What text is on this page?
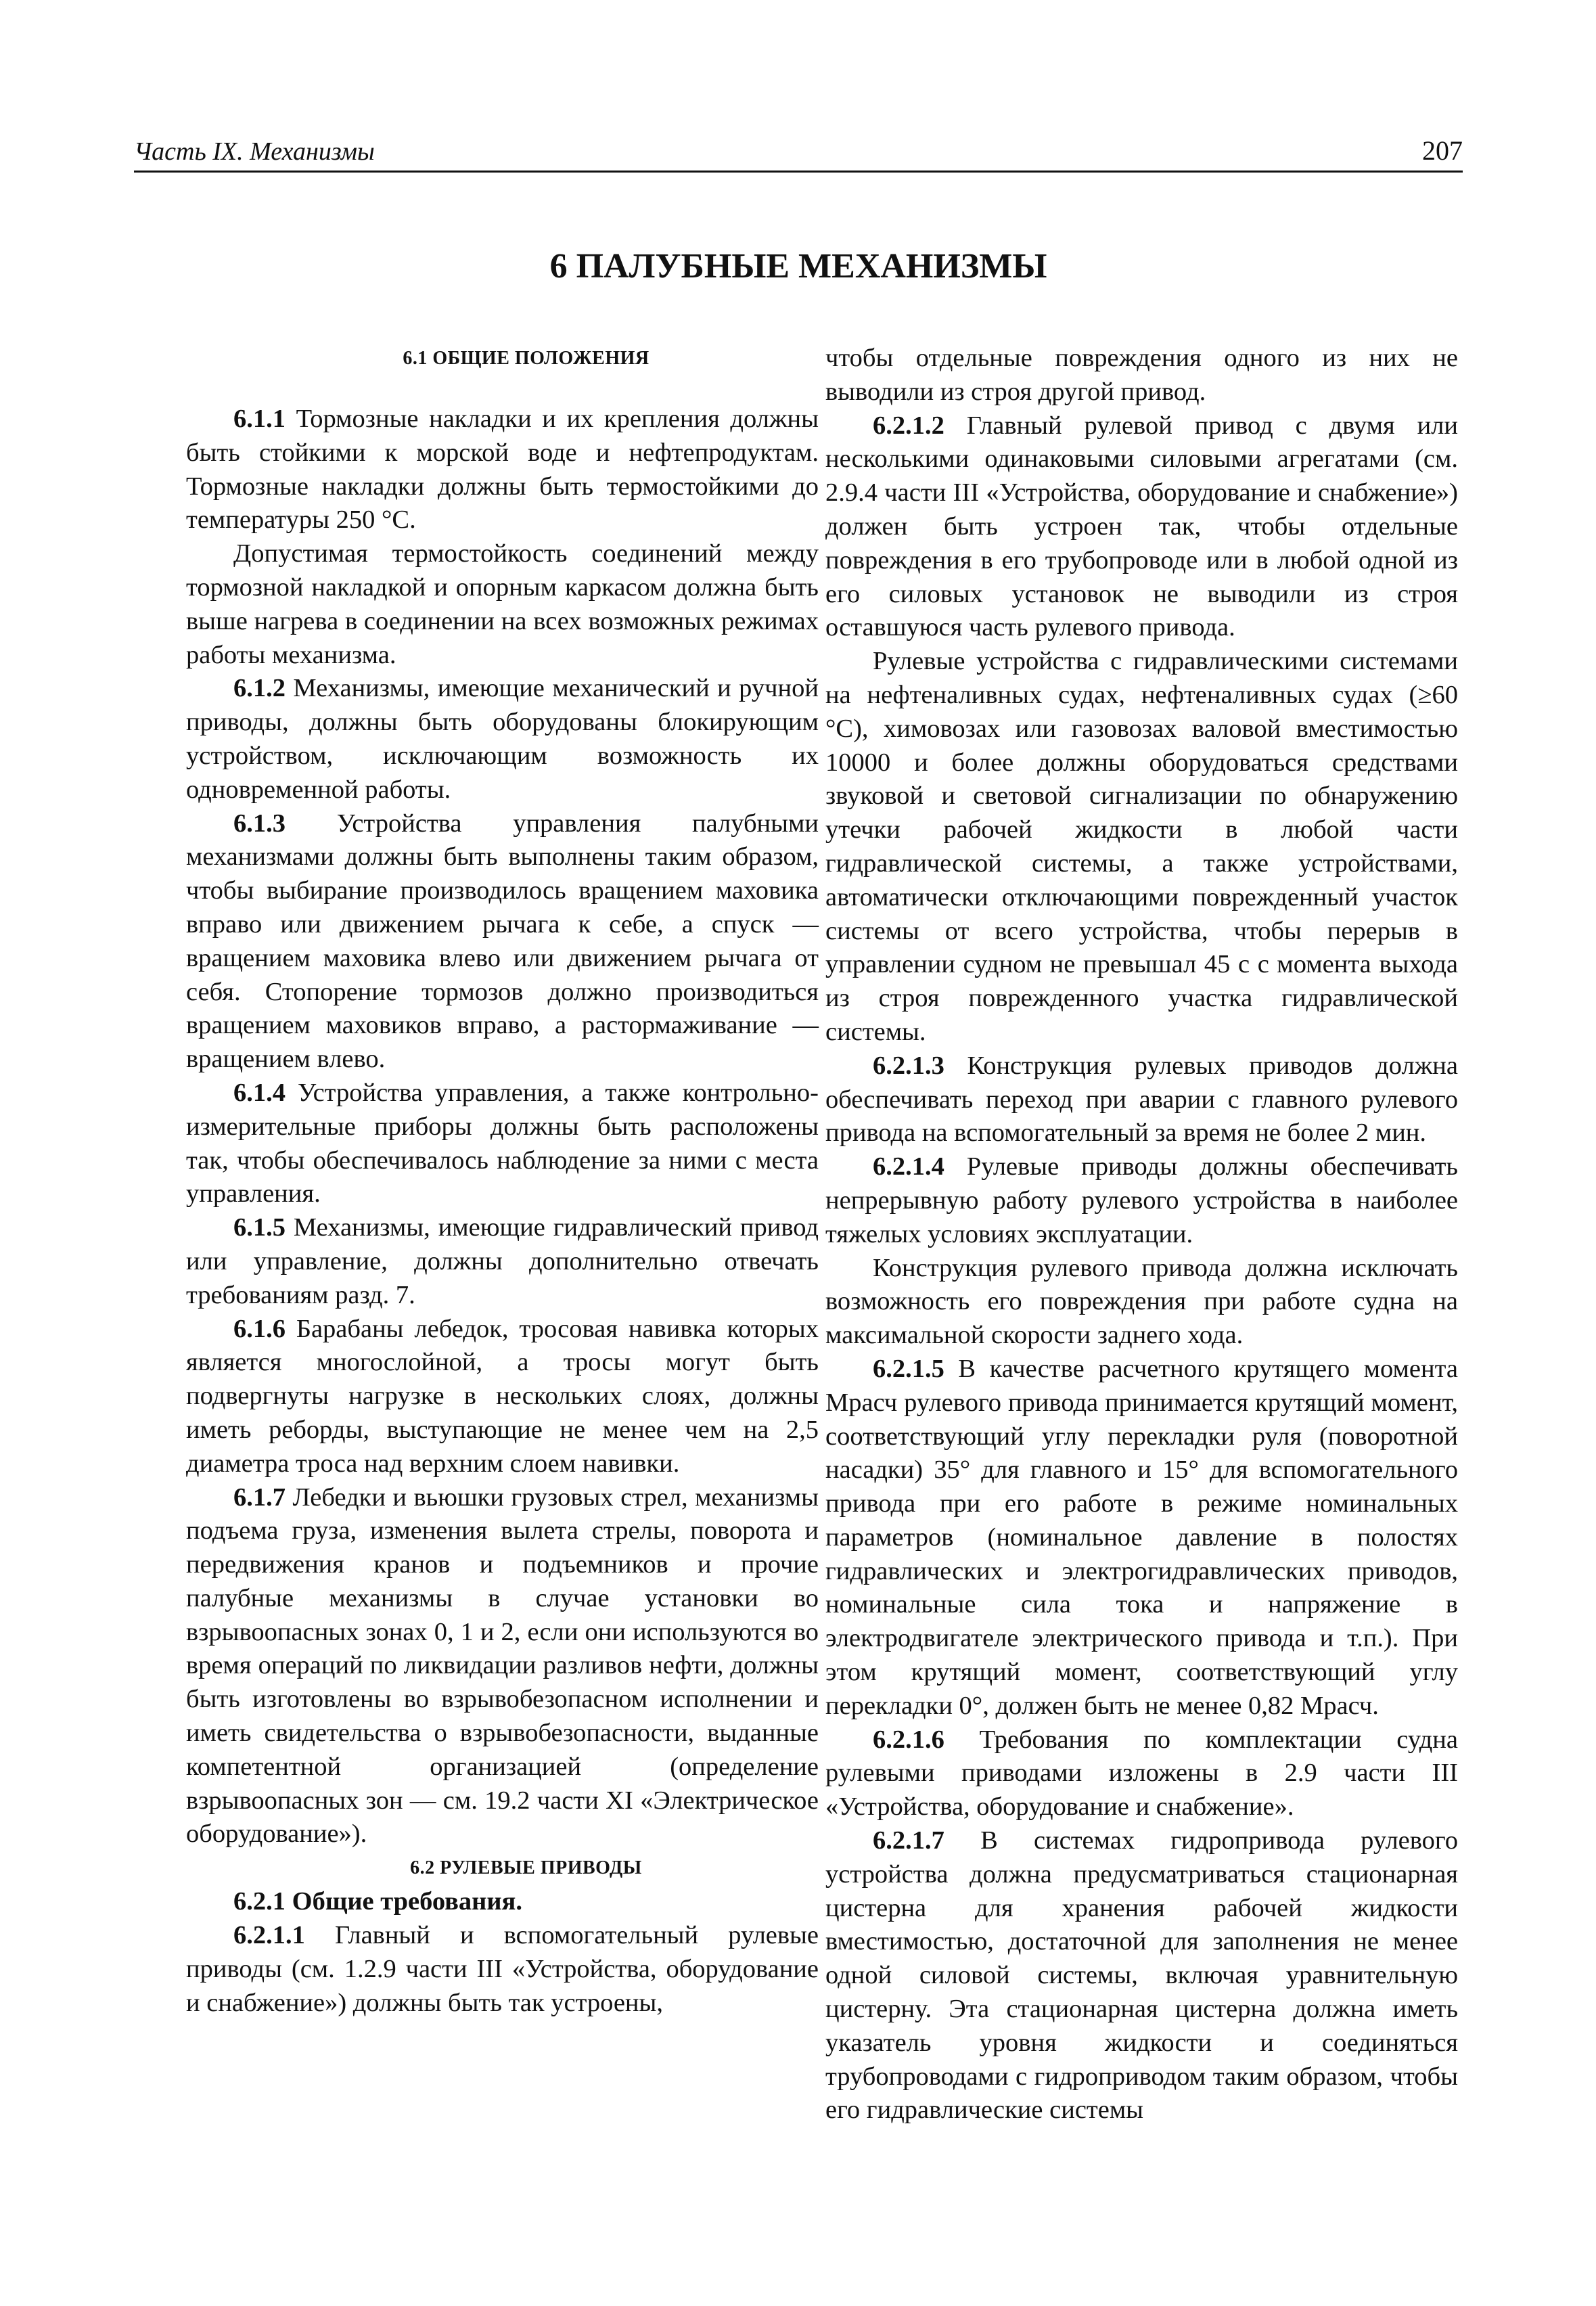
Часть IX. Механизмы	207
6 ПАЛУБНЫЕ МЕХАНИЗМЫ

6.1 ОБЩИЕ ПОЛОЖЕНИЯ

6.1.1 Тормозные накладки и их крепления должны быть стойкими к морской воде и нефтепродуктам. Тормозные накладки должны быть термостойкими до температуры 250 °С.

Допустимая термостойкость соединений между тормозной накладкой и опорным каркасом должна быть выше нагрева в соединении на всех возможных режимах работы механизма.

6.1.2 Механизмы, имеющие механический и ручной приводы, должны быть оборудованы блокирующим устройством, исключающим возможность их одновременной работы.

6.1.3 Устройства управления палубными механизмами должны быть выполнены таким образом, чтобы выбирание производилось вращением маховика вправо или движением рычага к себе, а спуск — вращением маховика влево или движением рычага от себя. Стопорение тормозов должно производиться вращением маховиков вправо, а растормаживание — вращением влево.

6.1.4 Устройства управления, а также контрольно-измерительные приборы должны быть расположены так, чтобы обеспечивалось наблюдение за ними с места управления.

6.1.5 Механизмы, имеющие гидравлический привод или управление, должны дополнительно отвечать требованиям разд. 7.

6.1.6 Барабаны лебедок, тросовая навивка которых является многослойной, а тросы могут быть подвергнуты нагрузке в нескольких слоях, должны иметь реборды, выступающие не менее чем на 2,5 диаметра троса над верхним слоем навивки.

6.1.7 Лебедки и вьюшки грузовых стрел, механизмы подъема груза, изменения вылета стрелы, поворота и передвижения кранов и подъемников и прочие палубные механизмы в случае установки во взрывоопасных зонах 0, 1 и 2, если они используются во время операций по ликвидации разливов нефти, должны быть изготовлены во взрывобезопасном исполнении и иметь свидетельства о взрывобезопасности, выданные компетентной организацией (определение взрывоопасных зон — см. 19.2 части XI «Электрическое оборудование»).

6.2 РУЛЕВЫЕ ПРИВОДЫ

6.2.1 Общие требования.

6.2.1.1 Главный и вспомогательный рулевые приводы (см. 1.2.9 части III «Устройства, оборудование и снабжение») должны быть так устроены,

чтобы отдельные повреждения одного из них не выводили из строя другой привод.

6.2.1.2 Главный рулевой привод с двумя или несколькими одинаковыми силовыми агрегатами (см. 2.9.4 части III «Устройства, оборудование и снабжение») должен быть устроен так, чтобы отдельные повреждения в его трубопроводе или в любой одной из его силовых установок не выводили из строя оставшуюся часть рулевого привода.

Рулевые устройства с гидравлическими системами на нефтеналивных судах, нефтеналивных судах (≥60 °С), химовозах или газовозах валовой вместимостью 10000 и более должны оборудоваться средствами звуковой и световой сигнализации по обнаружению утечки рабочей жидкости в любой части гидравлической системы, а также устройствами, автоматически отключающими поврежденный участок системы от всего устройства, чтобы перерыв в управлении судном не превышал 45 с с момента выхода из строя поврежденного участка гидравлической системы.

6.2.1.3 Конструкция рулевых приводов должна обеспечивать переход при аварии с главного рулевого привода на вспомогательный за время не более 2 мин.

6.2.1.4 Рулевые приводы должны обеспечивать непрерывную работу рулевого устройства в наиболее тяжелых условиях эксплуатации.

Конструкция рулевого привода должна исключать возможность его повреждения при работе судна на максимальной скорости заднего хода.

6.2.1.5 В качестве расчетного крутящего момента Mрасч рулевого привода принимается крутящий момент, соответствующий углу перекладки руля (поворотной насадки) 35° для главного и 15° для вспомогательного привода при его работе в режиме номинальных параметров (номинальное давление в полостях гидравлических и электрогидравлических приводов, номинальные сила тока и напряжение в электродвигателе электрического привода и т.п.). При этом крутящий момент, соответствующий углу перекладки 0°, должен быть не менее 0,82 Mрасч.

6.2.1.6 Требования по комплектации судна рулевыми приводами изложены в 2.9 части III «Устройства, оборудование и снабжение».

6.2.1.7 В системах гидропривода рулевого устройства должна предусматриваться стационарная цистерна для хранения рабочей жидкости вместимостью, достаточной для заполнения не менее одной силовой системы, включая уравнительную цистерну. Эта стационарная цистерна должна иметь указатель уровня жидкости и соединяться трубопроводами с гидроприводом таким образом, чтобы его гидравлические системы
